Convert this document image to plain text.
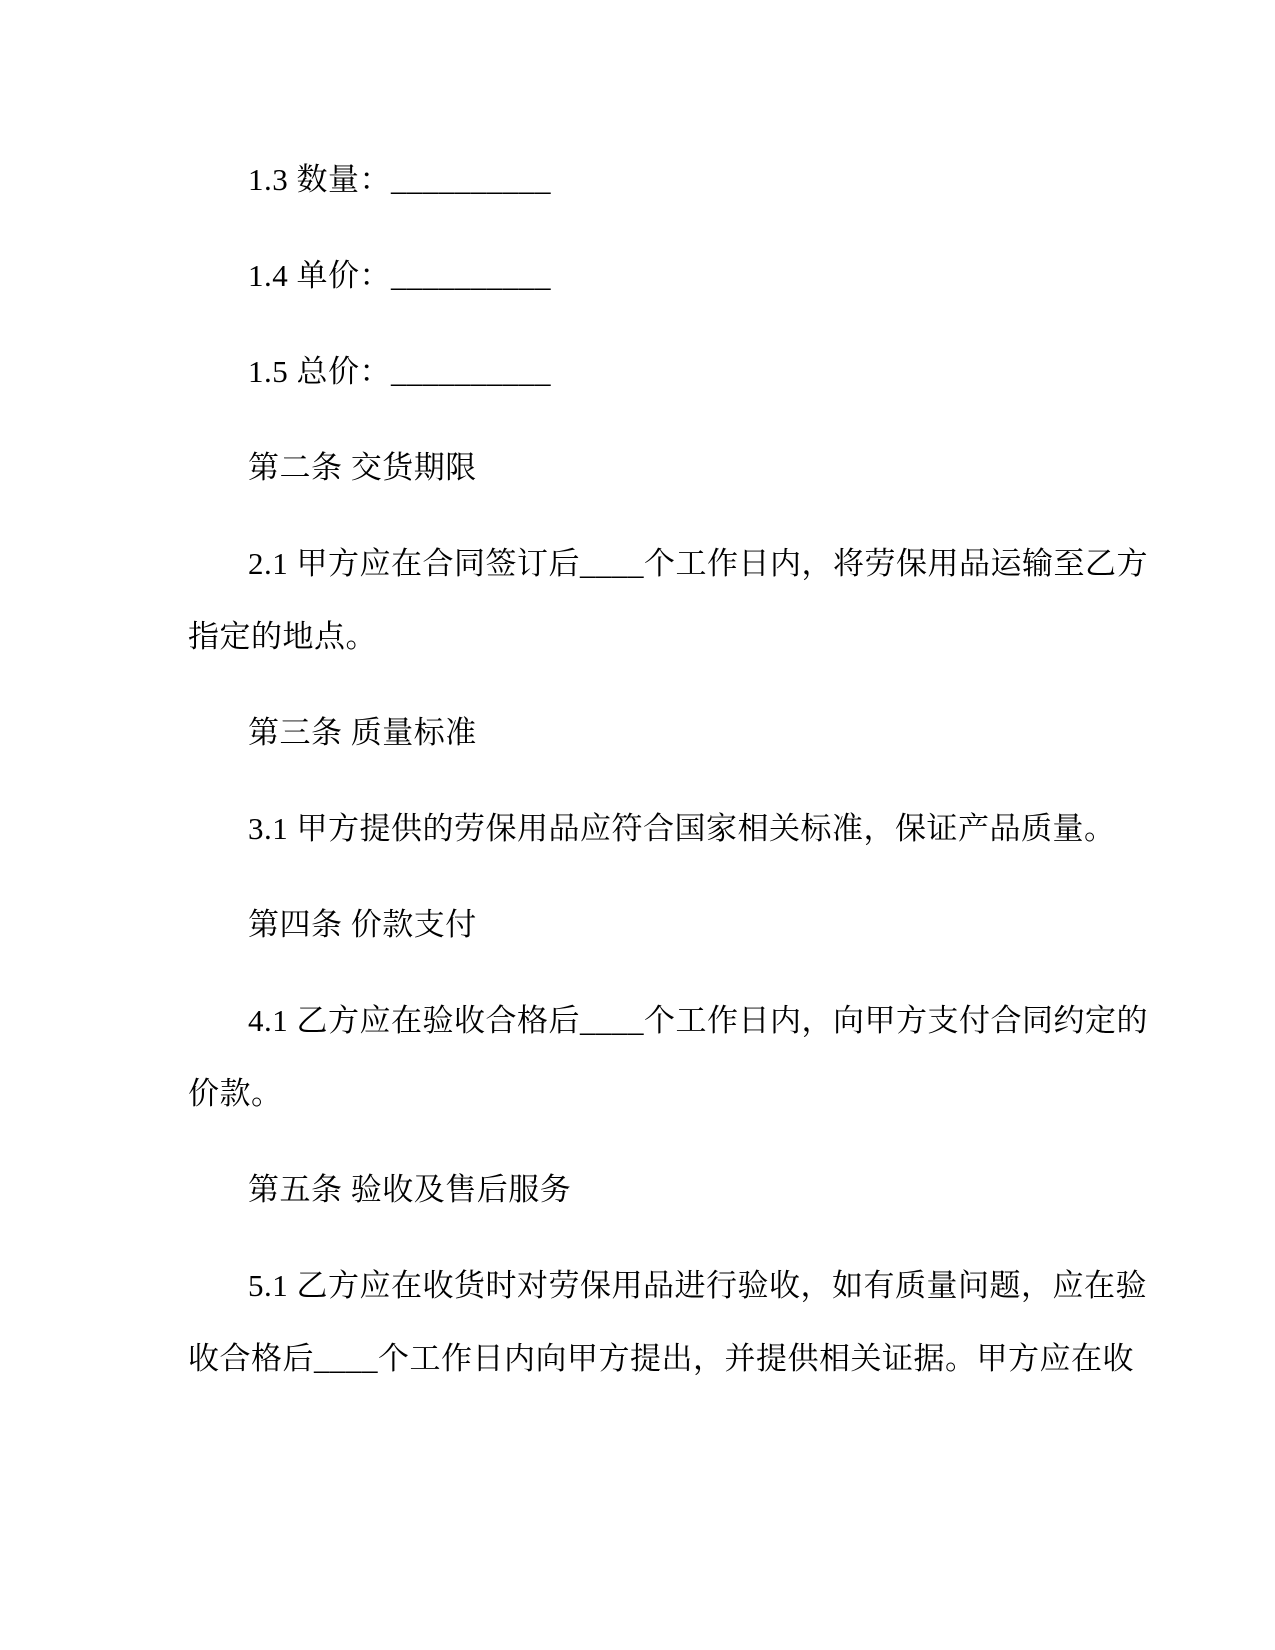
1.3 数量：__________

1.4 单价：__________

1.5 总价：__________

第二条 交货期限

2.1 甲方应在合同签订后____个工作日内，将劳保用品运输至乙方

指定的地点。

第三条 质量标准

3.1 甲方提供的劳保用品应符合国家相关标准，保证产品质量。

第四条 价款支付

4.1 乙方应在验收合格后____个工作日内，向甲方支付合同约定的

价款。

第五条 验收及售后服务

5.1 乙方应在收货时对劳保用品进行验收，如有质量问题，应在验

收合格后____个工作日内向甲方提出，并提供相关证据。甲方应在收
